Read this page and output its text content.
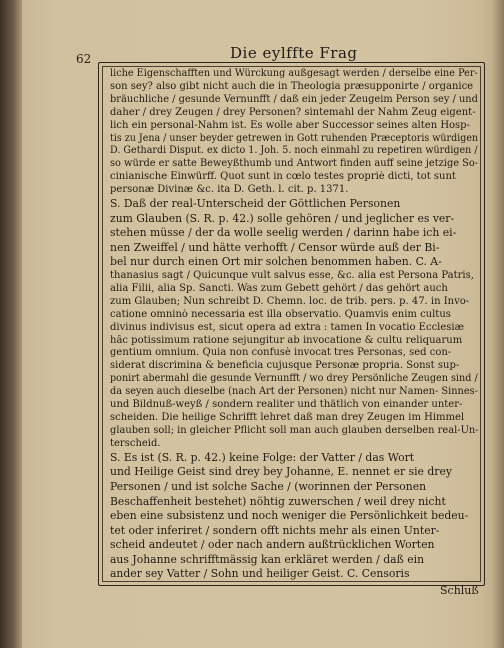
62	Die eylffte Frag
liche Eigenschafften und Würckung außgesagt werden / derselbe eine Per-
son sey? also gibt nicht auch die in Theologia præsupponirte / organice
bräuchliche / gesunde Vernunfft / daß ein jeder Zeugeim Person sey / und
daher / drey Zeugen / drey Personen? sintemahl der Nahm Zeug eigent-
lich ein personal-Nahm ist. Es wolle aber Successor seines alten Hosp-
tis zu Jena / unser beyder getrewen in Gott ruhenden Præceptoris würdigen
D. Gethardi Disput. ex dicto 1. Joh. 5. noch einmahl zu repetiren würdigen /
so würde er satte Beweyßthumb und Antwort finden auff seine jetzige So-
cinianische Einwürff. Quot sunt in cœlo testes propriè dicti, tot sunt
personæ Divinæ &c. ita D. Geth. l. cit. p. 1371.
S. Daß der real-Unterscheid der Göttlichen Personen
zum Glauben (S. R. p. 42.) solle gehören / und jeglicher es ver-
stehen müsse / der da wolle seelig werden / darinn habe ich ei-
nen Zweiffel / und hätte verhofft / Censor würde auß der Bi-
bel nur durch einen Ort mir solchen benommen haben. C. A-
thanasius sagt / Quicunque vult salvus esse, &c. alia est Persona Patris,
alia Filii, alia Sp. Sancti. Was zum Gebett gehört / das gehört auch
zum Glauben; Nun schreibt D. Chemn. loc. de trib. pers. p. 47. in Invo-
catione omninò necessaria est illa observatio. Quamvis enim cultus
divinus indivisus est, sicut opera ad extra : tamen In vocatio Ecclesiæ
hâc potissimum ratione sejungitur ab invocatione & cultu reliquarum
gentium omnium. Quia non confusè invocat tres Personas, sed con-
siderat discrimina & beneficia cujusque Personæ propria. Sonst sup-
ponirt abermahl die gesunde Vernunfft / wo drey Persönliche Zeugen sind /
da seyen auch dieselbe (nach Art der Personen) nicht nur Namen- Sinnes-
und Bildnuß-weyß / sondern realiter und thätlich von einander unter-
scheiden. Die heilige Schrifft lehret daß man drey Zeugen im Himmel
glauben soll; in gleicher Pflicht soll man auch glauben derselben real-Un-
terscheid.
S. Es ist (S. R. p. 42.) keine Folge: der Vatter / das Wort
und Heilige Geist sind drey bey Johanne, E. nennet er sie drey
Personen / und ist solche Sache / (worinnen der Personen
Beschaffenheit bestehet) nöhtig zuwerschen / weil drey nicht
eben eine subsistenz und noch weniger die Persönlichkeit bedeu-
tet oder inferiret / sondern offt nichts mehr als einen Unter-
scheid andeutet / oder nach andern außtrücklichen Worten
aus Johanne schrifftmässig kan erkläret werden / daß ein
ander sey Vatter / Sohn und heiliger Geist. C. Censoris
Schluß
